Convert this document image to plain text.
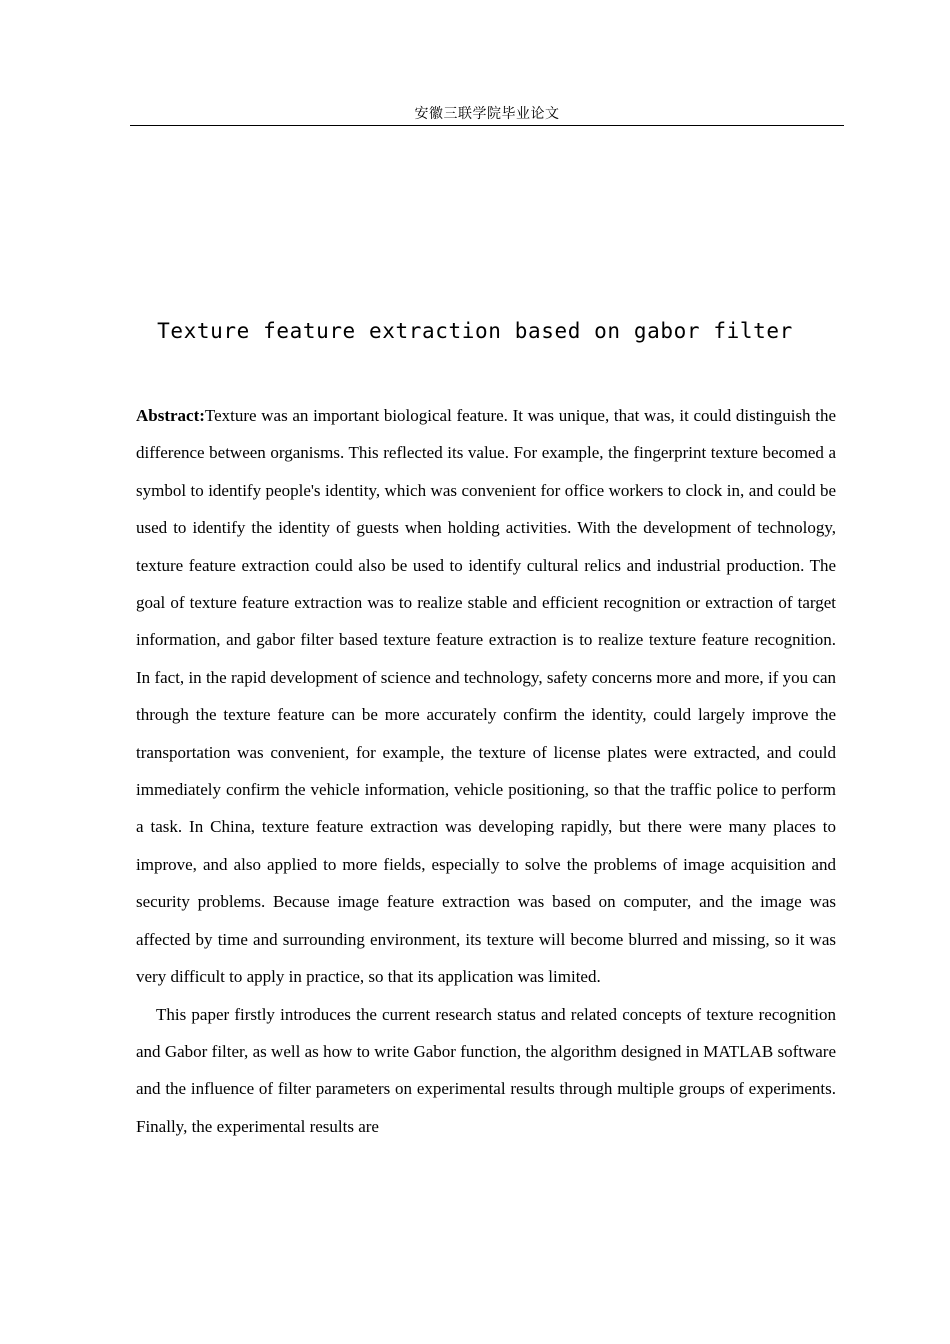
安徽三联学院毕业论文
Texture feature extraction based on gabor filter

Abstract:Texture was an important biological feature. It was unique, that was, it could distinguish the difference between organisms. This reflected its value. For example, the fingerprint texture becomed a symbol to identify people's identity, which was convenient for office workers to clock in, and could be used to identify the identity of guests when holding activities. With the development of technology, texture feature extraction could also be used to identify cultural relics and industrial production. The goal of texture feature extraction was to realize stable and efficient recognition or extraction of target information, and gabor filter based texture feature extraction is to realize texture feature recognition. In fact, in the rapid development of science and technology, safety concerns more and more, if you can through the texture feature can be more accurately confirm the identity, could largely improve the transportation was convenient, for example, the texture of license plates were extracted, and could immediately confirm the vehicle information, vehicle positioning, so that the traffic police to perform a task. In China, texture feature extraction was developing rapidly, but there were many places to improve, and also applied to more fields, especially to solve the problems of image acquisition and security problems. Because image feature extraction was based on computer, and the image was affected by time and surrounding environment, its texture will become blurred and missing, so it was very difficult to apply in practice, so that its application was limited.

This paper firstly introduces the current research status and related concepts of texture recognition and Gabor filter, as well as how to write Gabor function, the algorithm designed in MATLAB software and the influence of filter parameters on experimental results through multiple groups of experiments. Finally, the experimental results are
